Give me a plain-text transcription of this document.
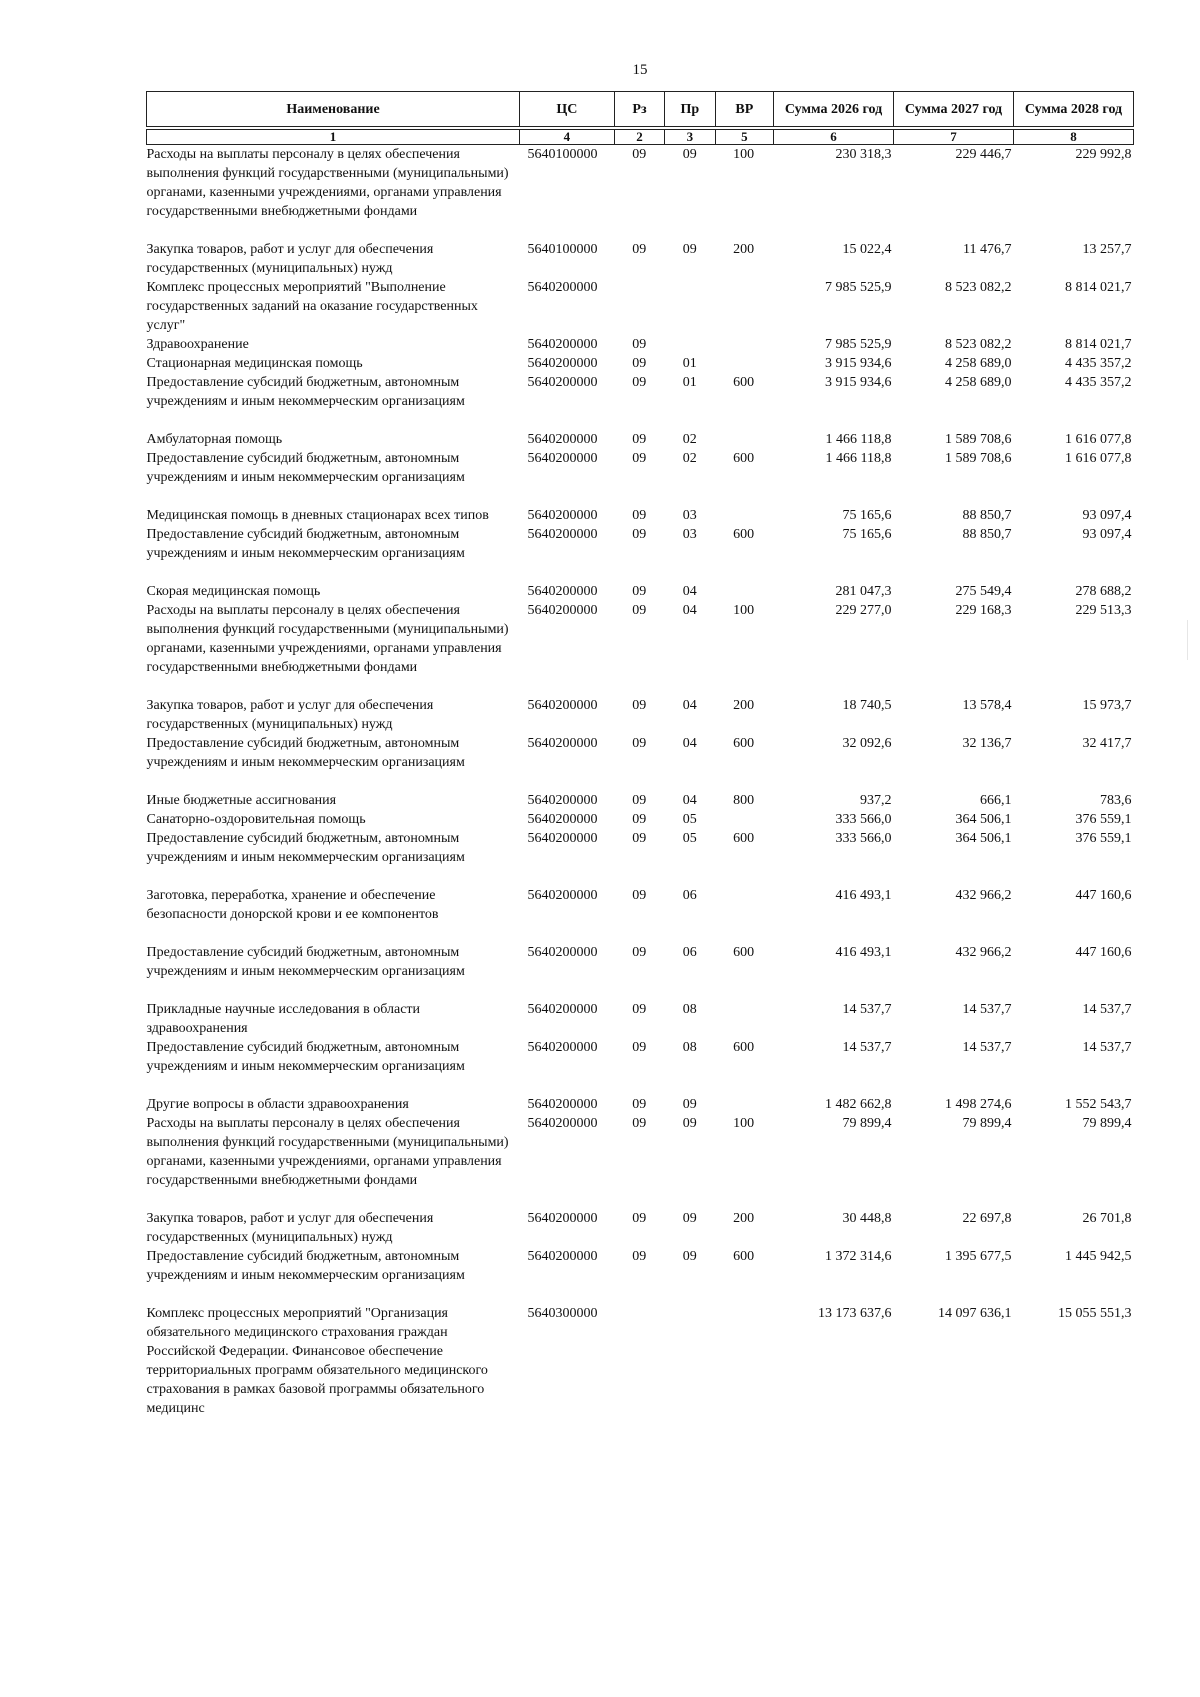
15
Наименование	ЦС	Рз	Пр	ВР	Сумма 2026 год	Сумма 2027 год	Сумма 2028 год

1	4	2	3	5	6	7	8
Расходы на выплаты персоналу в целях обеспечения выполнения функций государственными (муниципальными) органами, казенными учреждениями, органами управления государственными внебюджетными фондами	5640100000	09	09	100	230 318,3	229 446,7	229 992,8

Закупка товаров, работ и услуг для обеспечения государственных (муниципальных) нужд	5640100000	09	09	200	15 022,4	11 476,7	13 257,7
Комплекс процессных мероприятий "Выполнение государственных заданий на оказание государственных услуг"	5640200000				7 985 525,9	8 523 082,2	8 814 021,7
Здравоохранение	5640200000	09			7 985 525,9	8 523 082,2	8 814 021,7
Стационарная медицинская помощь	5640200000	09	01		3 915 934,6	4 258 689,0	4 435 357,2
Предоставление субсидий бюджетным, автономным учреждениям и иным некоммерческим организациям	5640200000	09	01	600	3 915 934,6	4 258 689,0	4 435 357,2

Амбулаторная помощь	5640200000	09	02		1 466 118,8	1 589 708,6	1 616 077,8
Предоставление субсидий бюджетным, автономным учреждениям и иным некоммерческим организациям	5640200000	09	02	600	1 466 118,8	1 589 708,6	1 616 077,8

Медицинская помощь в дневных стационарах всех типов	5640200000	09	03		75 165,6	88 850,7	93 097,4
Предоставление субсидий бюджетным, автономным учреждениям и иным некоммерческим организациям	5640200000	09	03	600	75 165,6	88 850,7	93 097,4

Скорая медицинская помощь	5640200000	09	04		281 047,3	275 549,4	278 688,2
Расходы на выплаты персоналу в целях обеспечения выполнения функций государственными (муниципальными) органами, казенными учреждениями, органами управления государственными внебюджетными фондами	5640200000	09	04	100	229 277,0	229 168,3	229 513,3

Закупка товаров, работ и услуг для обеспечения государственных (муниципальных) нужд	5640200000	09	04	200	18 740,5	13 578,4	15 973,7
Предоставление субсидий бюджетным, автономным учреждениям и иным некоммерческим организациям	5640200000	09	04	600	32 092,6	32 136,7	32 417,7

Иные бюджетные ассигнования	5640200000	09	04	800	937,2	666,1	783,6
Санаторно-оздоровительная помощь	5640200000	09	05		333 566,0	364 506,1	376 559,1
Предоставление субсидий бюджетным, автономным учреждениям и иным некоммерческим организациям	5640200000	09	05	600	333 566,0	364 506,1	376 559,1

Заготовка, переработка, хранение и обеспечение безопасности донорской крови и ее компонентов	5640200000	09	06		416 493,1	432 966,2	447 160,6

Предоставление субсидий бюджетным, автономным учреждениям и иным некоммерческим организациям	5640200000	09	06	600	416 493,1	432 966,2	447 160,6

Прикладные научные исследования в области здравоохранения	5640200000	09	08		14 537,7	14 537,7	14 537,7
Предоставление субсидий бюджетным, автономным учреждениям и иным некоммерческим организациям	5640200000	09	08	600	14 537,7	14 537,7	14 537,7

Другие вопросы в области здравоохранения	5640200000	09	09		1 482 662,8	1 498 274,6	1 552 543,7
Расходы на выплаты персоналу в целях обеспечения выполнения функций государственными (муниципальными) органами, казенными учреждениями, органами управления государственными внебюджетными фондами	5640200000	09	09	100	79 899,4	79 899,4	79 899,4

Закупка товаров, работ и услуг для обеспечения государственных (муниципальных) нужд	5640200000	09	09	200	30 448,8	22 697,8	26 701,8
Предоставление субсидий бюджетным, автономным учреждениям и иным некоммерческим организациям	5640200000	09	09	600	1 372 314,6	1 395 677,5	1 445 942,5

Комплекс процессных мероприятий "Организация обязательного медицинского страхования граждан Российской Федерации. Финансовое обеспечение территориальных программ обязательного медицинского страхования в рамках базовой программы обязательного медицинс	5640300000				13 173 637,6	14 097 636,1	15 055 551,3
